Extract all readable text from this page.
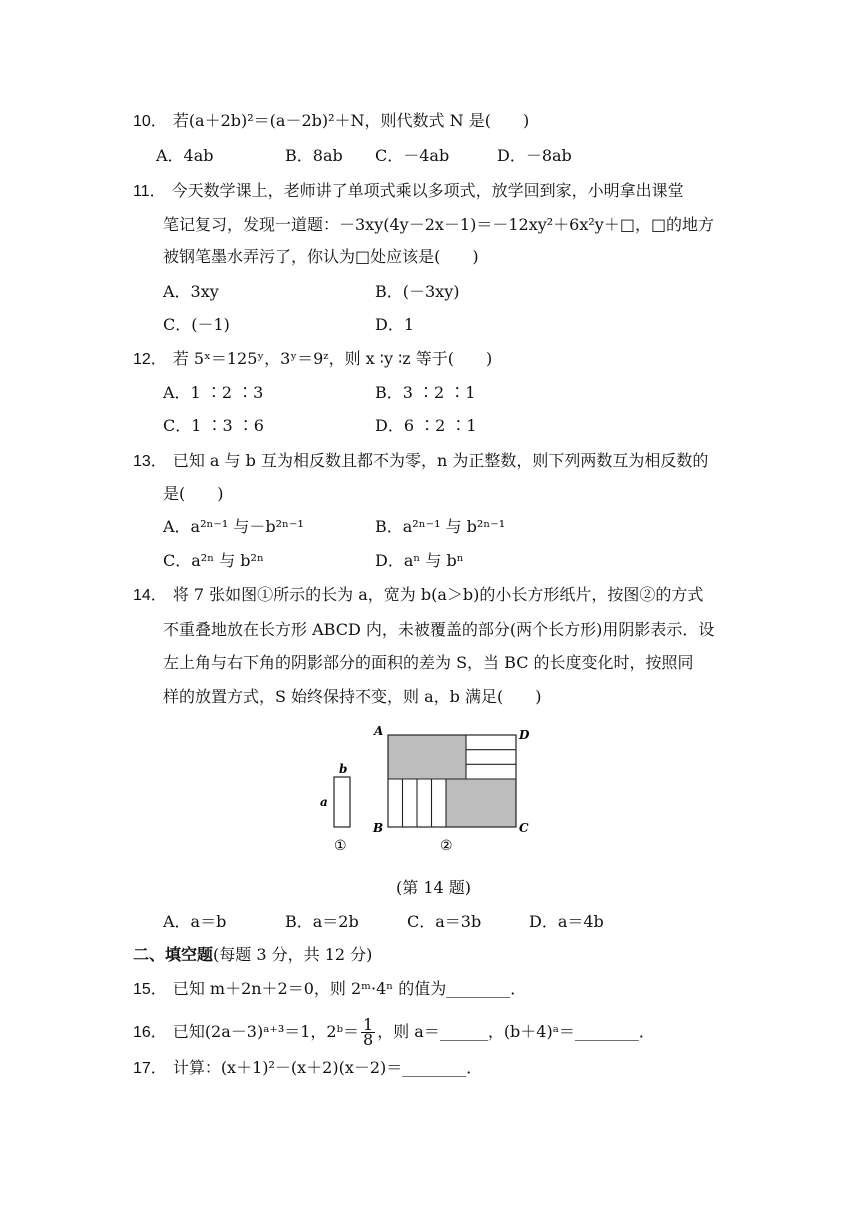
10． 若(a＋2b)²＝(a－2b)²＋N，则代数式 N 是(　　)
A．4ab	B．8ab C．－4ab	D．－8ab
11． 今天数学课上，老师讲了单项式乘以多项式，放学回到家，小明拿出课堂
笔记复习，发现一道题：－3xy(4y－2x－1)＝－12xy²＋6x²y＋□，□的地方
被钢笔墨水弄污了，你认为□处应该是(　　)
A．3xy	B．(－3xy)
C．(－1)	D．1
12． 若 5ˣ＝125ʸ，3ʸ＝9ᶻ，则 x ∶y ∶z 等于(　　)
A．1 ∶2 ∶3	B．3 ∶2 ∶1
C．1 ∶3 ∶6	D．6 ∶2 ∶1
13． 已知 a 与 b 互为相反数且都不为零，n 为正整数，则下列两数互为相反数的
是(　　)
A．a²ⁿ⁻¹ 与－b²ⁿ⁻¹	B．a²ⁿ⁻¹ 与 b²ⁿ⁻¹
C．a²ⁿ 与 b²ⁿ	D．aⁿ 与 bⁿ
14． 将 7 张如图①所示的长为 a，宽为 b(a＞b)的小长方形纸片，按图②的方式
不重叠地放在长方形 ABCD 内，未被覆盖的部分(两个长方形)用阴影表示．设
左上角与右下角的阴影部分的面积的差为 S，当 BC 的长度变化时，按照同
样的放置方式，S 始终保持不变，则 a，b 满足(　　)
b
a
①
A
B	C
D
②
(第 14 题)
A．a＝b	B．a＝2b	C．a＝3b	D．a＝4b
二、填空题(每题 3 分，共 12 分)
15． 已知 m＋2n＋2＝0，则 2ᵐ·4ⁿ 的值为________．
16． 已知(2a－3)ᵃ⁺³＝1，2ᵇ＝ $\frac{1}{8}$ ，则 a＝______，(b＋4)ᵃ＝________．
17． 计算：(x＋1)²－(x＋2)(x－2)＝________．
